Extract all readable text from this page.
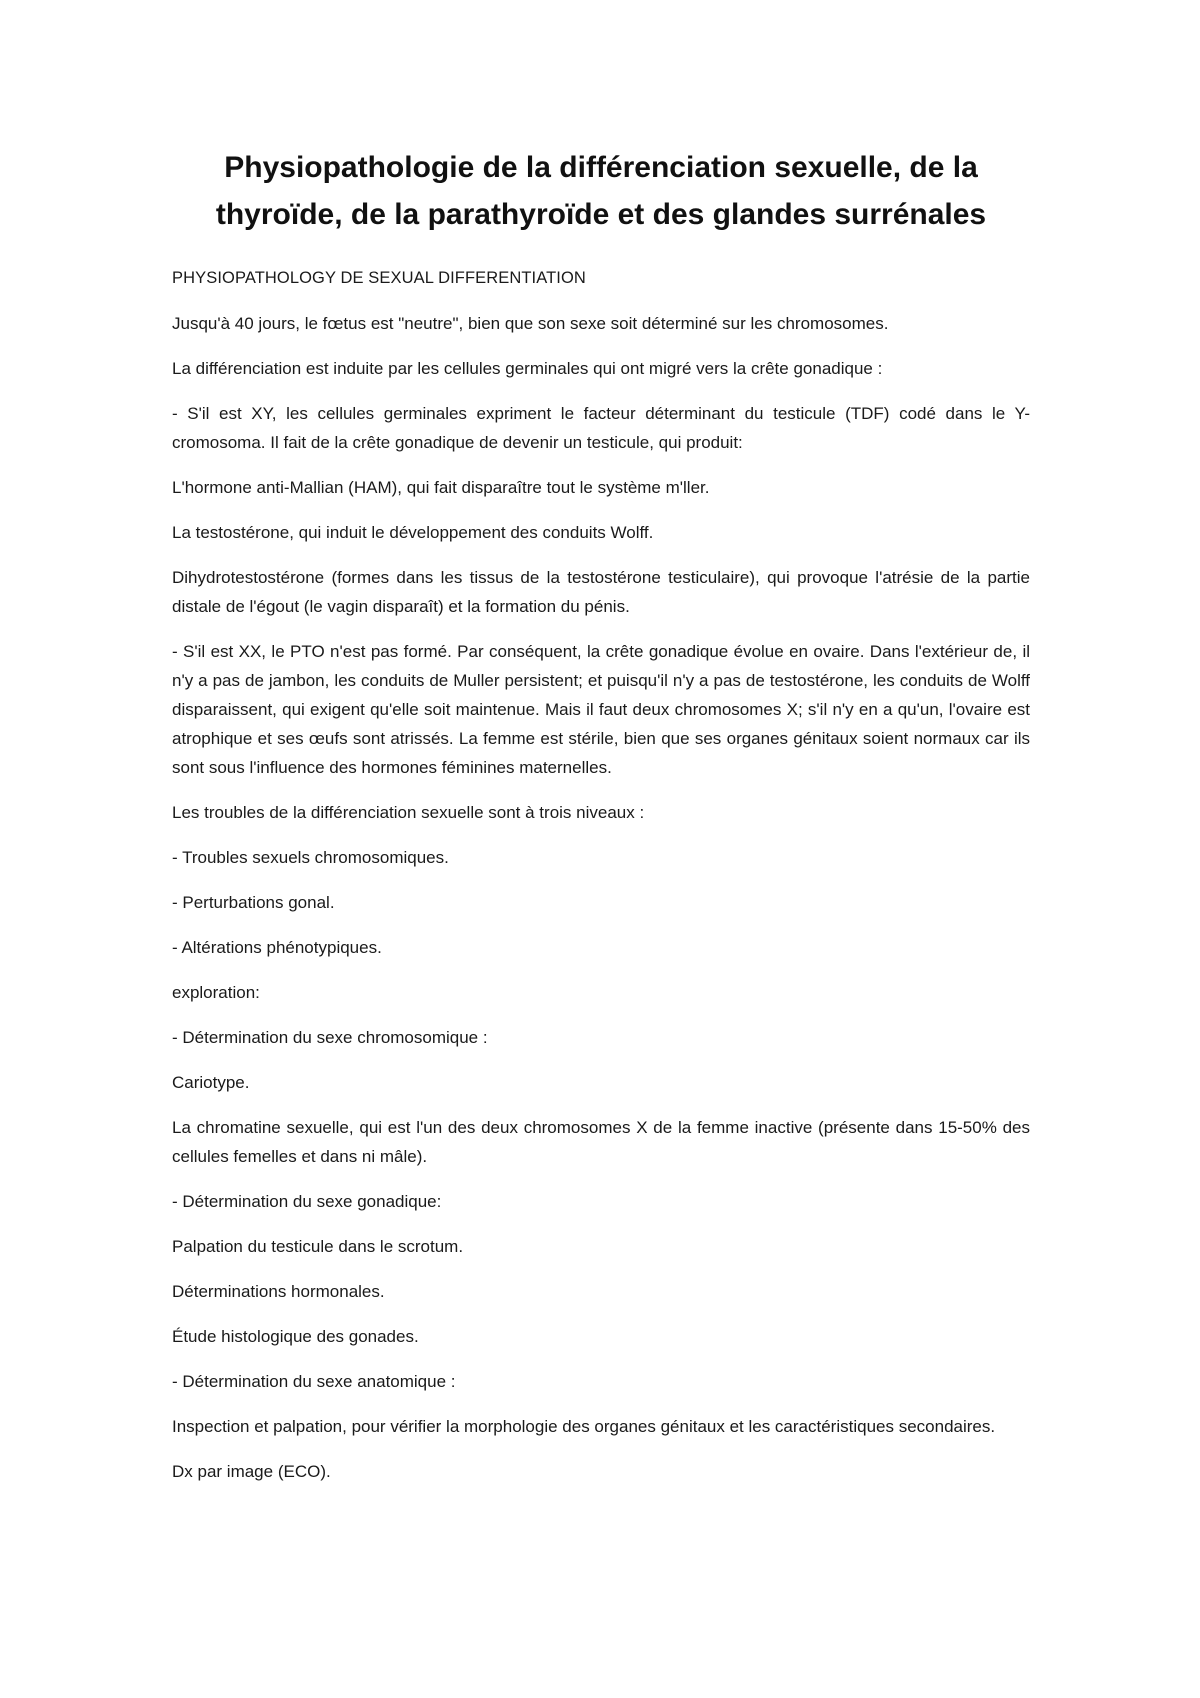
Physiopathologie de la différenciation sexuelle, de la thyroïde, de la parathyroïde et des glandes surrénales

PHYSIOPATHOLOGY DE SEXUAL DIFFERENTIATION

Jusqu'à 40 jours, le fœtus est "neutre", bien que son sexe soit déterminé sur les chromosomes.

La différenciation est induite par les cellules germinales qui ont migré vers la crête gonadique :

- S'il est XY, les cellules germinales expriment le facteur déterminant du testicule (TDF) codé dans le Y-cromosoma. Il fait de la crête gonadique de devenir un testicule, qui produit:

L'hormone anti-Mallian (HAM), qui fait disparaître tout le système m'ller.

La testostérone, qui induit le développement des conduits Wolff.

Dihydrotestostérone (formes dans les tissus de la testostérone testiculaire), qui provoque l'atrésie de la partie distale de l'égout (le vagin disparaît) et la formation du pénis.

- S'il est XX, le PTO n'est pas formé. Par conséquent, la crête gonadique évolue en ovaire. Dans l'extérieur de, il n'y a pas de jambon, les conduits de Muller persistent; et puisqu'il n'y a pas de testostérone, les conduits de Wolff disparaissent, qui exigent qu'elle soit maintenue. Mais il faut deux chromosomes X; s'il n'y en a qu'un, l'ovaire est atrophique et ses œufs sont atrissés. La femme est stérile, bien que ses organes génitaux soient normaux car ils sont sous l'influence des hormones féminines maternelles.

Les troubles de la différenciation sexuelle sont à trois niveaux :

- Troubles sexuels chromosomiques.

- Perturbations gonal.

- Altérations phénotypiques.

exploration:

- Détermination du sexe chromosomique :

Cariotype.

La chromatine sexuelle, qui est l'un des deux chromosomes X de la femme inactive (présente dans 15-50% des cellules femelles et dans ni mâle).

- Détermination du sexe gonadique:

Palpation du testicule dans le scrotum.

Déterminations hormonales.

Étude histologique des gonades.

- Détermination du sexe anatomique :

Inspection et palpation, pour vérifier la morphologie des organes génitaux et les caractéristiques secondaires.

Dx par image (ECO).
